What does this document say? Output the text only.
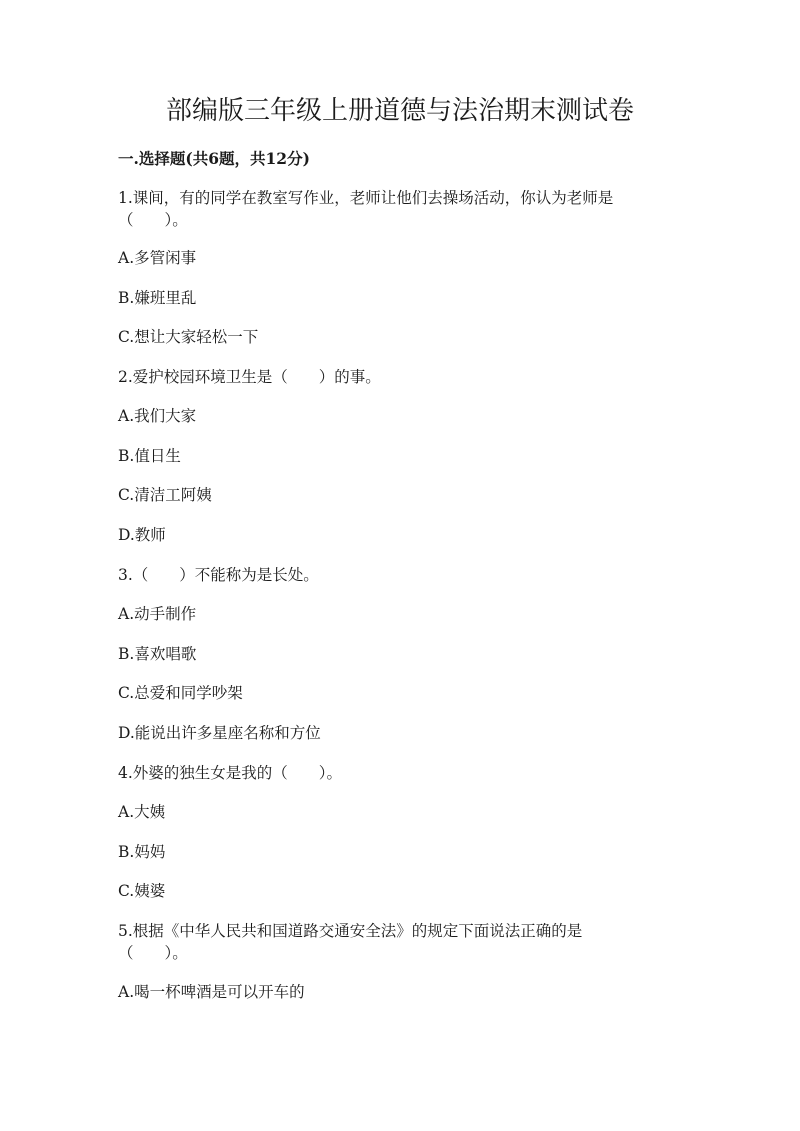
部编版三年级上册道德与法治期末测试卷
一.选择题(共6题，共12分)
1.课间，有的同学在教室写作业，老师让他们去操场活动，你认为老师是
（　　）。
A.多管闲事
B.嫌班里乱
C.想让大家轻松一下
2.爱护校园环境卫生是（　　）的事。
A.我们大家
B.值日生
C.清洁工阿姨
D.教师
3.（　　）不能称为是长处。
A.动手制作
B.喜欢唱歌
C.总爱和同学吵架
D.能说出许多星座名称和方位
4.外婆的独生女是我的（　　）。
A.大姨
B.妈妈
C.姨婆
5.根据《中华人民共和国道路交通安全法》的规定下面说法正确的是
（　　）。
A.喝一杯啤酒是可以开车的
